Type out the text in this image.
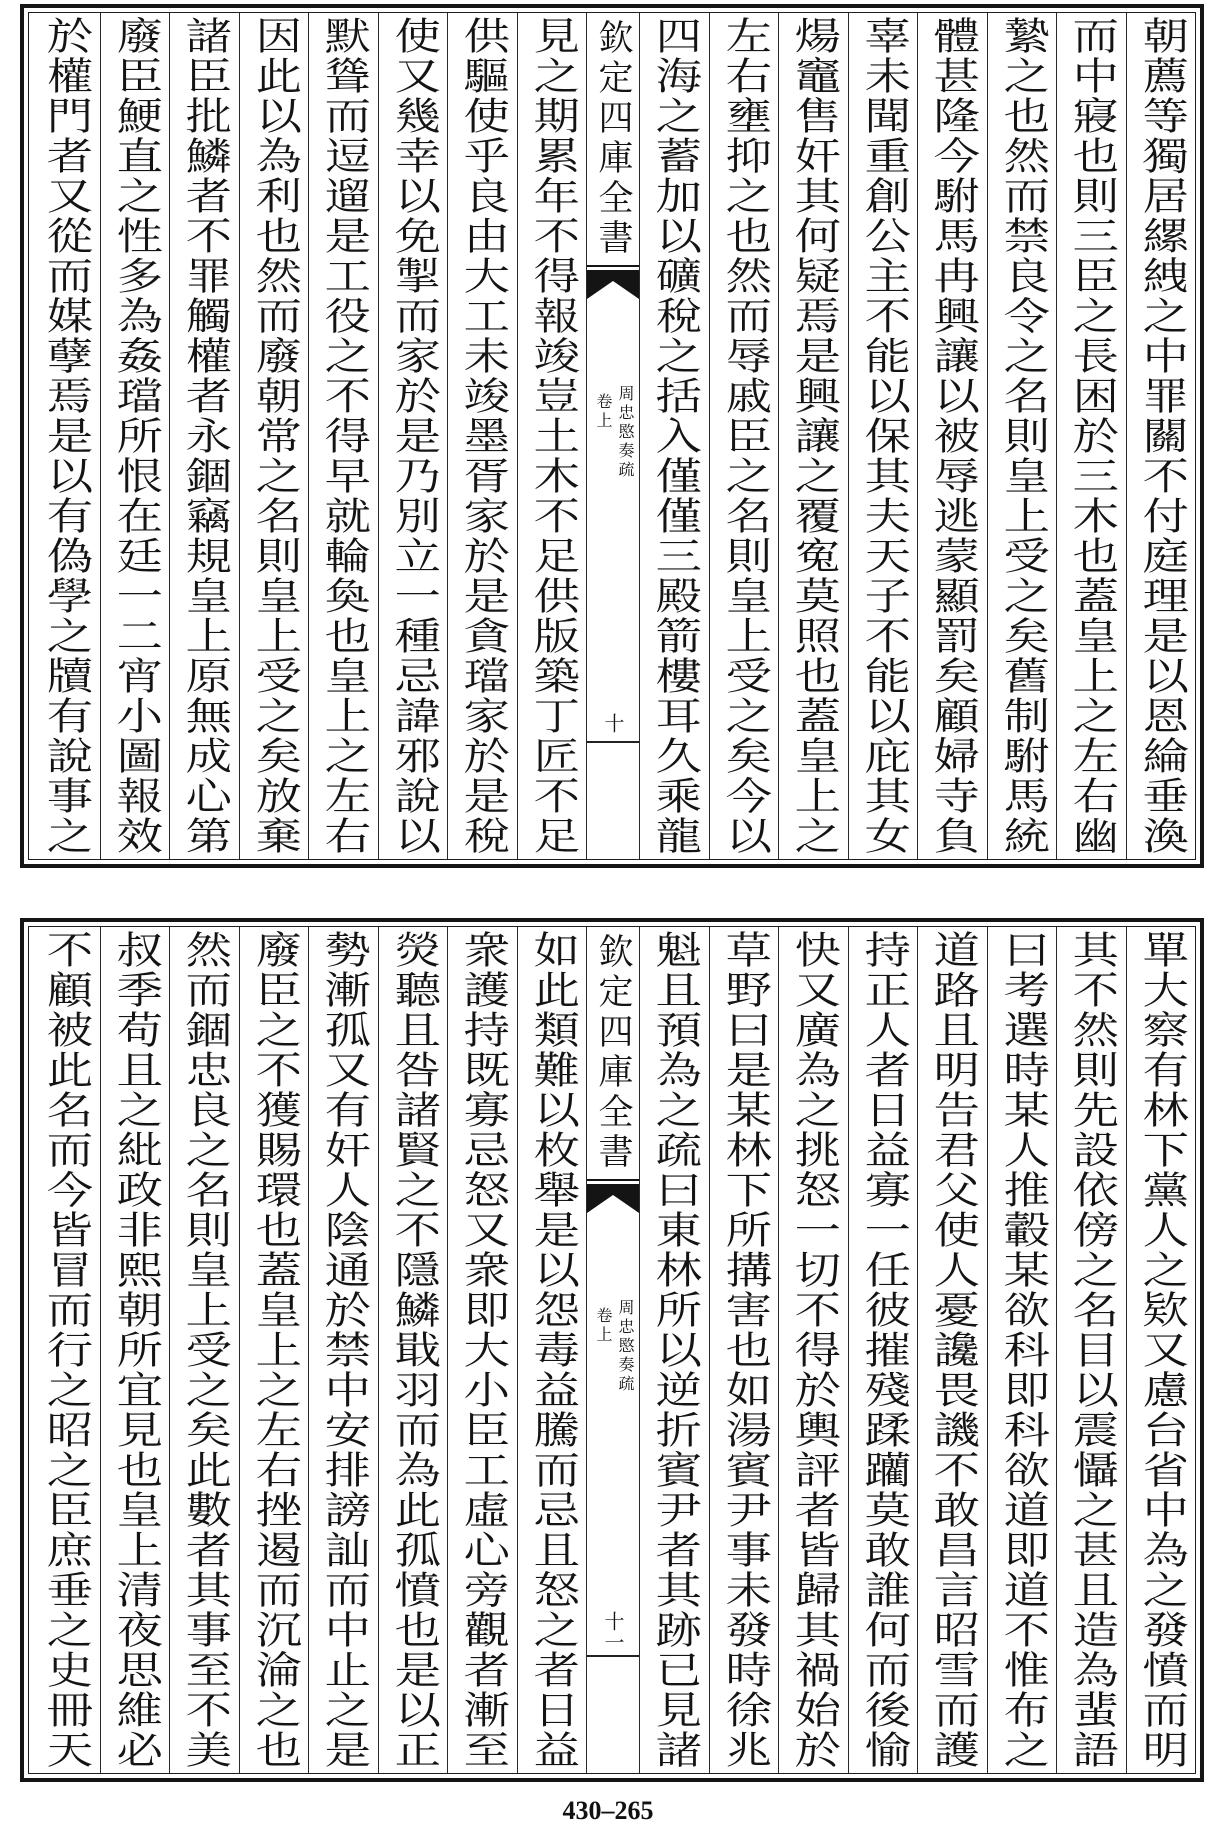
朝薦等獨居縲絏之中罪關不付庭理是以恩綸垂渙
而中寢也則三臣之長困於三木也蓋皇上之左右幽
縶之也然而禁良令之名則皇上受之矣舊制駙馬統
體甚隆今駙馬冉興讓以被辱逃蒙顯罰矣顧婦寺負
辜未聞重創公主不能以保其夫天子不能以庇其女
煬竈售奸其何疑焉是興讓之覆寃莫照也蓋皇上之
左右壅抑之也然而辱戚臣之名則皇上受之矣今以
四海之蓄加以礦稅之括入僅僅三殿箭樓耳久乘龍
欽定四庫全書
周忠愍奏疏
卷上
十
見之期累年不得報竣豈土木不足供版築丁匠不足
供驅使乎良由大工未竣墨胥家於是貪璫家於是稅
使又幾幸以免掣而家於是乃別立一種忌諱邪說以
默聳而逗遛是工役之不得早就輪奐也皇上之左右
因此以為利也然而廢朝常之名則皇上受之矣放棄
諸臣批鱗者不罪觸權者永錮竊規皇上原無成心第
廢臣鯁直之性多為姦璫所恨在廷一二宵小圖報效
於權門者又從而媒孽焉是以有偽學之牘有說事之
單大察有林下黨人之欵又慮台省中為之發憤而明
其不然則先設依傍之名目以震懾之甚且造為蜚語
曰考選時某人推轂某欲科即科欲道即道不惟布之
道路且明告君父使人憂讒畏譏不敢昌言昭雪而護
持正人者日益寡一任彼摧殘蹂躪莫敢誰何而後愉
快又廣為之挑怒一切不得於輿評者皆歸其禍始於
草野曰是某林下所搆害也如湯賓尹事未發時徐兆
魁且預為之疏曰東林所以逆折賓尹者其跡已見諸
欽定四庫全書
周忠愍奏疏
卷上
十一
如此類難以枚舉是以怨毒益騰而忌且怒之者日益
衆護持既寡忌怒又衆即大小臣工虛心旁觀者漸至
熒聽且咎諸賢之不隱鱗戢羽而為此孤憤也是以正
勢漸孤又有奸人陰通於禁中安排謗訕而中止之是
廢臣之不獲賜環也蓋皇上之左右挫遏而沉淪之也
然而錮忠良之名則皇上受之矣此數者其事至不美
叔季苟且之紕政非熙朝所宜見也皇上清夜思維必
不顧被此名而今皆冒而行之昭之臣庶垂之史冊天
430–265
